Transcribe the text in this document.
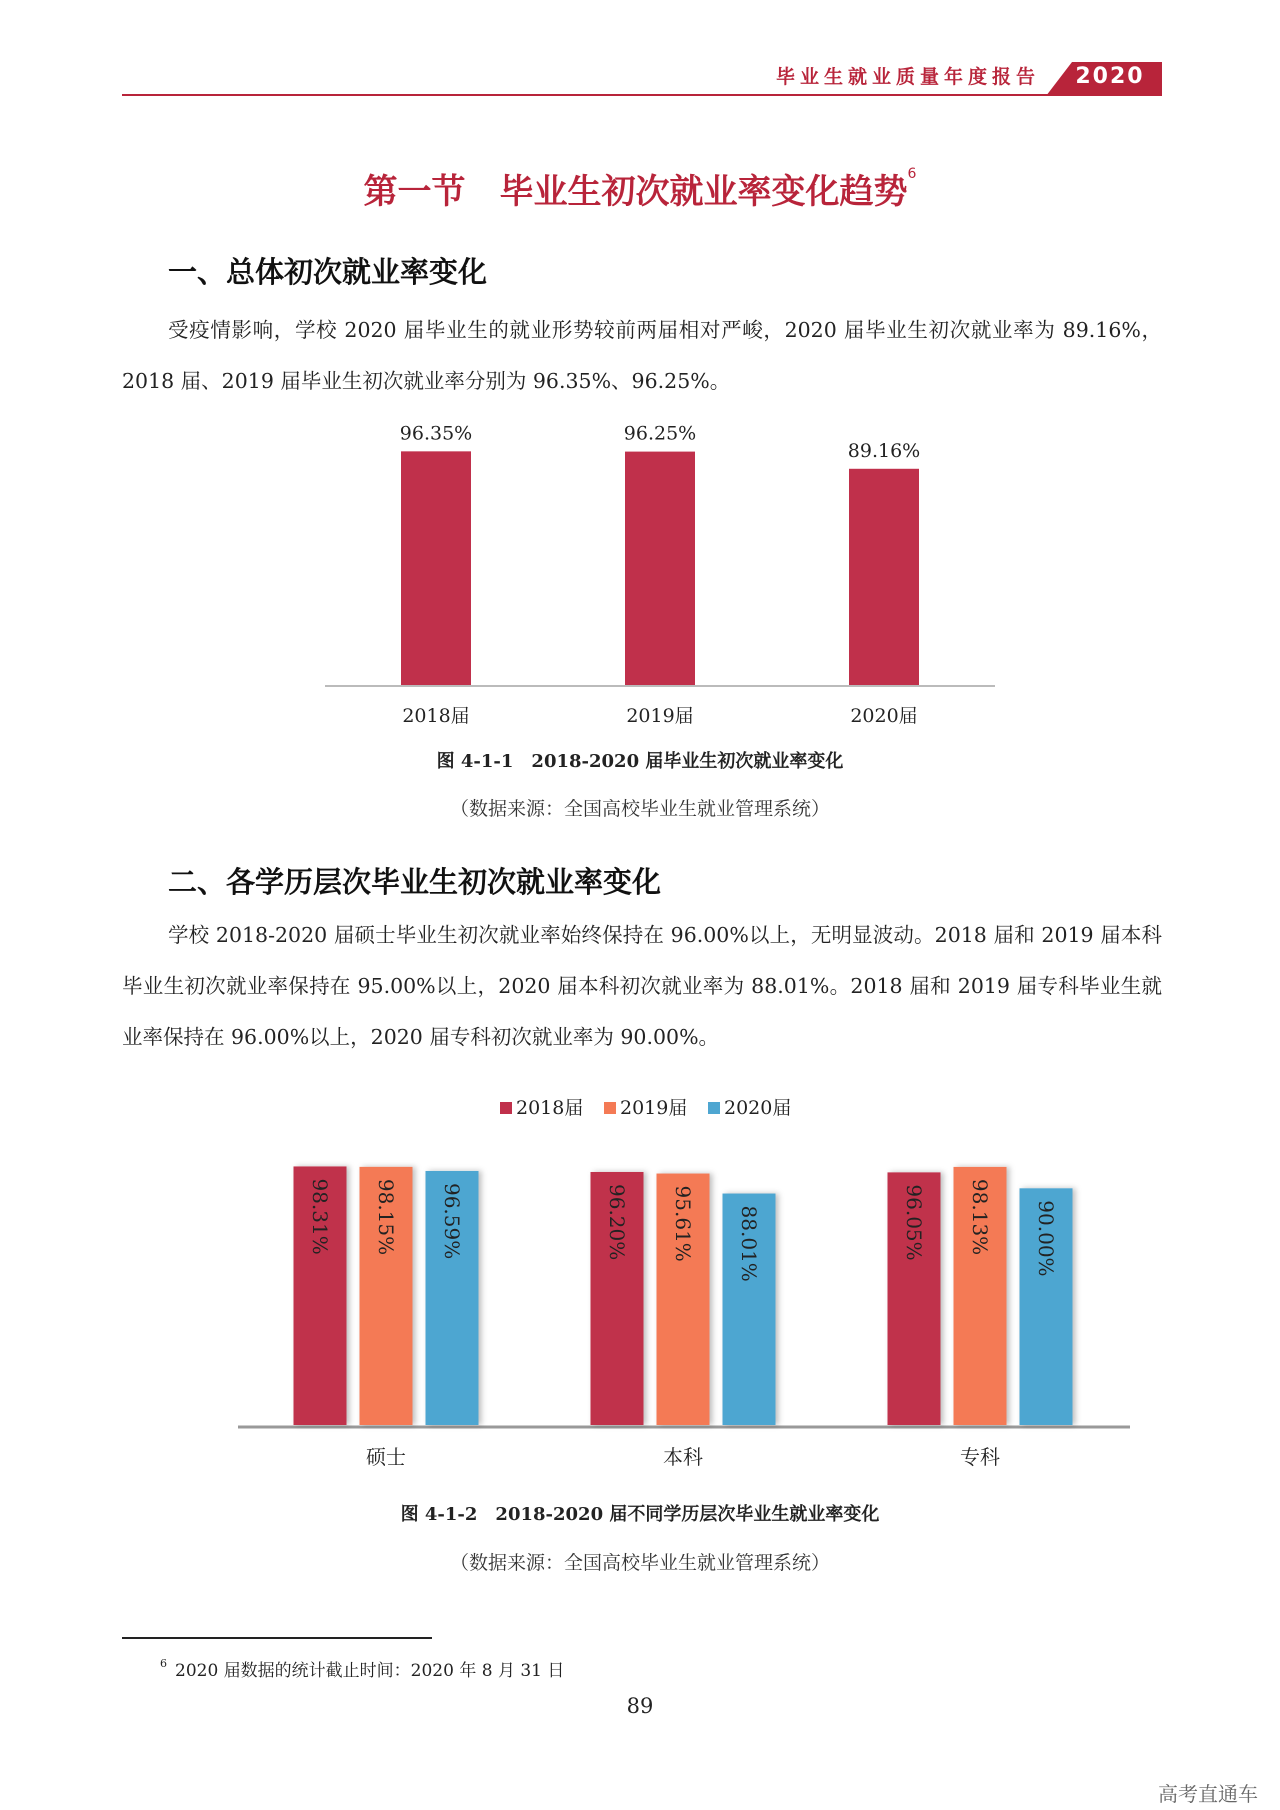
毕业生就业质量年度报告	2020
第一节　毕业生初次就业率变化趋势$^6$
一、总体初次就业率变化

受疫情影响，学校 2020 届毕业生的就业形势较前两届相对严峻，2020 届毕业生初次就业率为 89.16%，2018 届、2019 届毕业生初次就业率分别为 96.35%、96.25%。

96.35%
2018届
96.25%
2019届
89.16%
2020届
图 4-1-1　2018-2020 届毕业生初次就业率变化
（数据来源：全国高校毕业生就业管理系统）
二、各学历层次毕业生初次就业率变化

学校 2018-2020 届硕士毕业生初次就业率始终保持在 96.00%以上，无明显波动。2018 届和 2019 届本科毕业生初次就业率保持在 95.00%以上，2020 届本科初次就业率为 88.01%。2018 届和 2019 届专科毕业生就业率保持在 96.00%以上，2020 届专科初次就业率为 90.00%。

2018届 2019届 2020届
98.31% 98.15% 96.59%
硕士
96.20% 95.61% 88.01%
本科
96.05% 98.13% 90.00%
专科
图 4-1-2　2018-2020 届不同学历层次毕业生就业率变化
（数据来源：全国高校毕业生就业管理系统）
$^6$ 2020 届数据的统计截止时间：2020 年 8 月 31 日
89
高考直通车
